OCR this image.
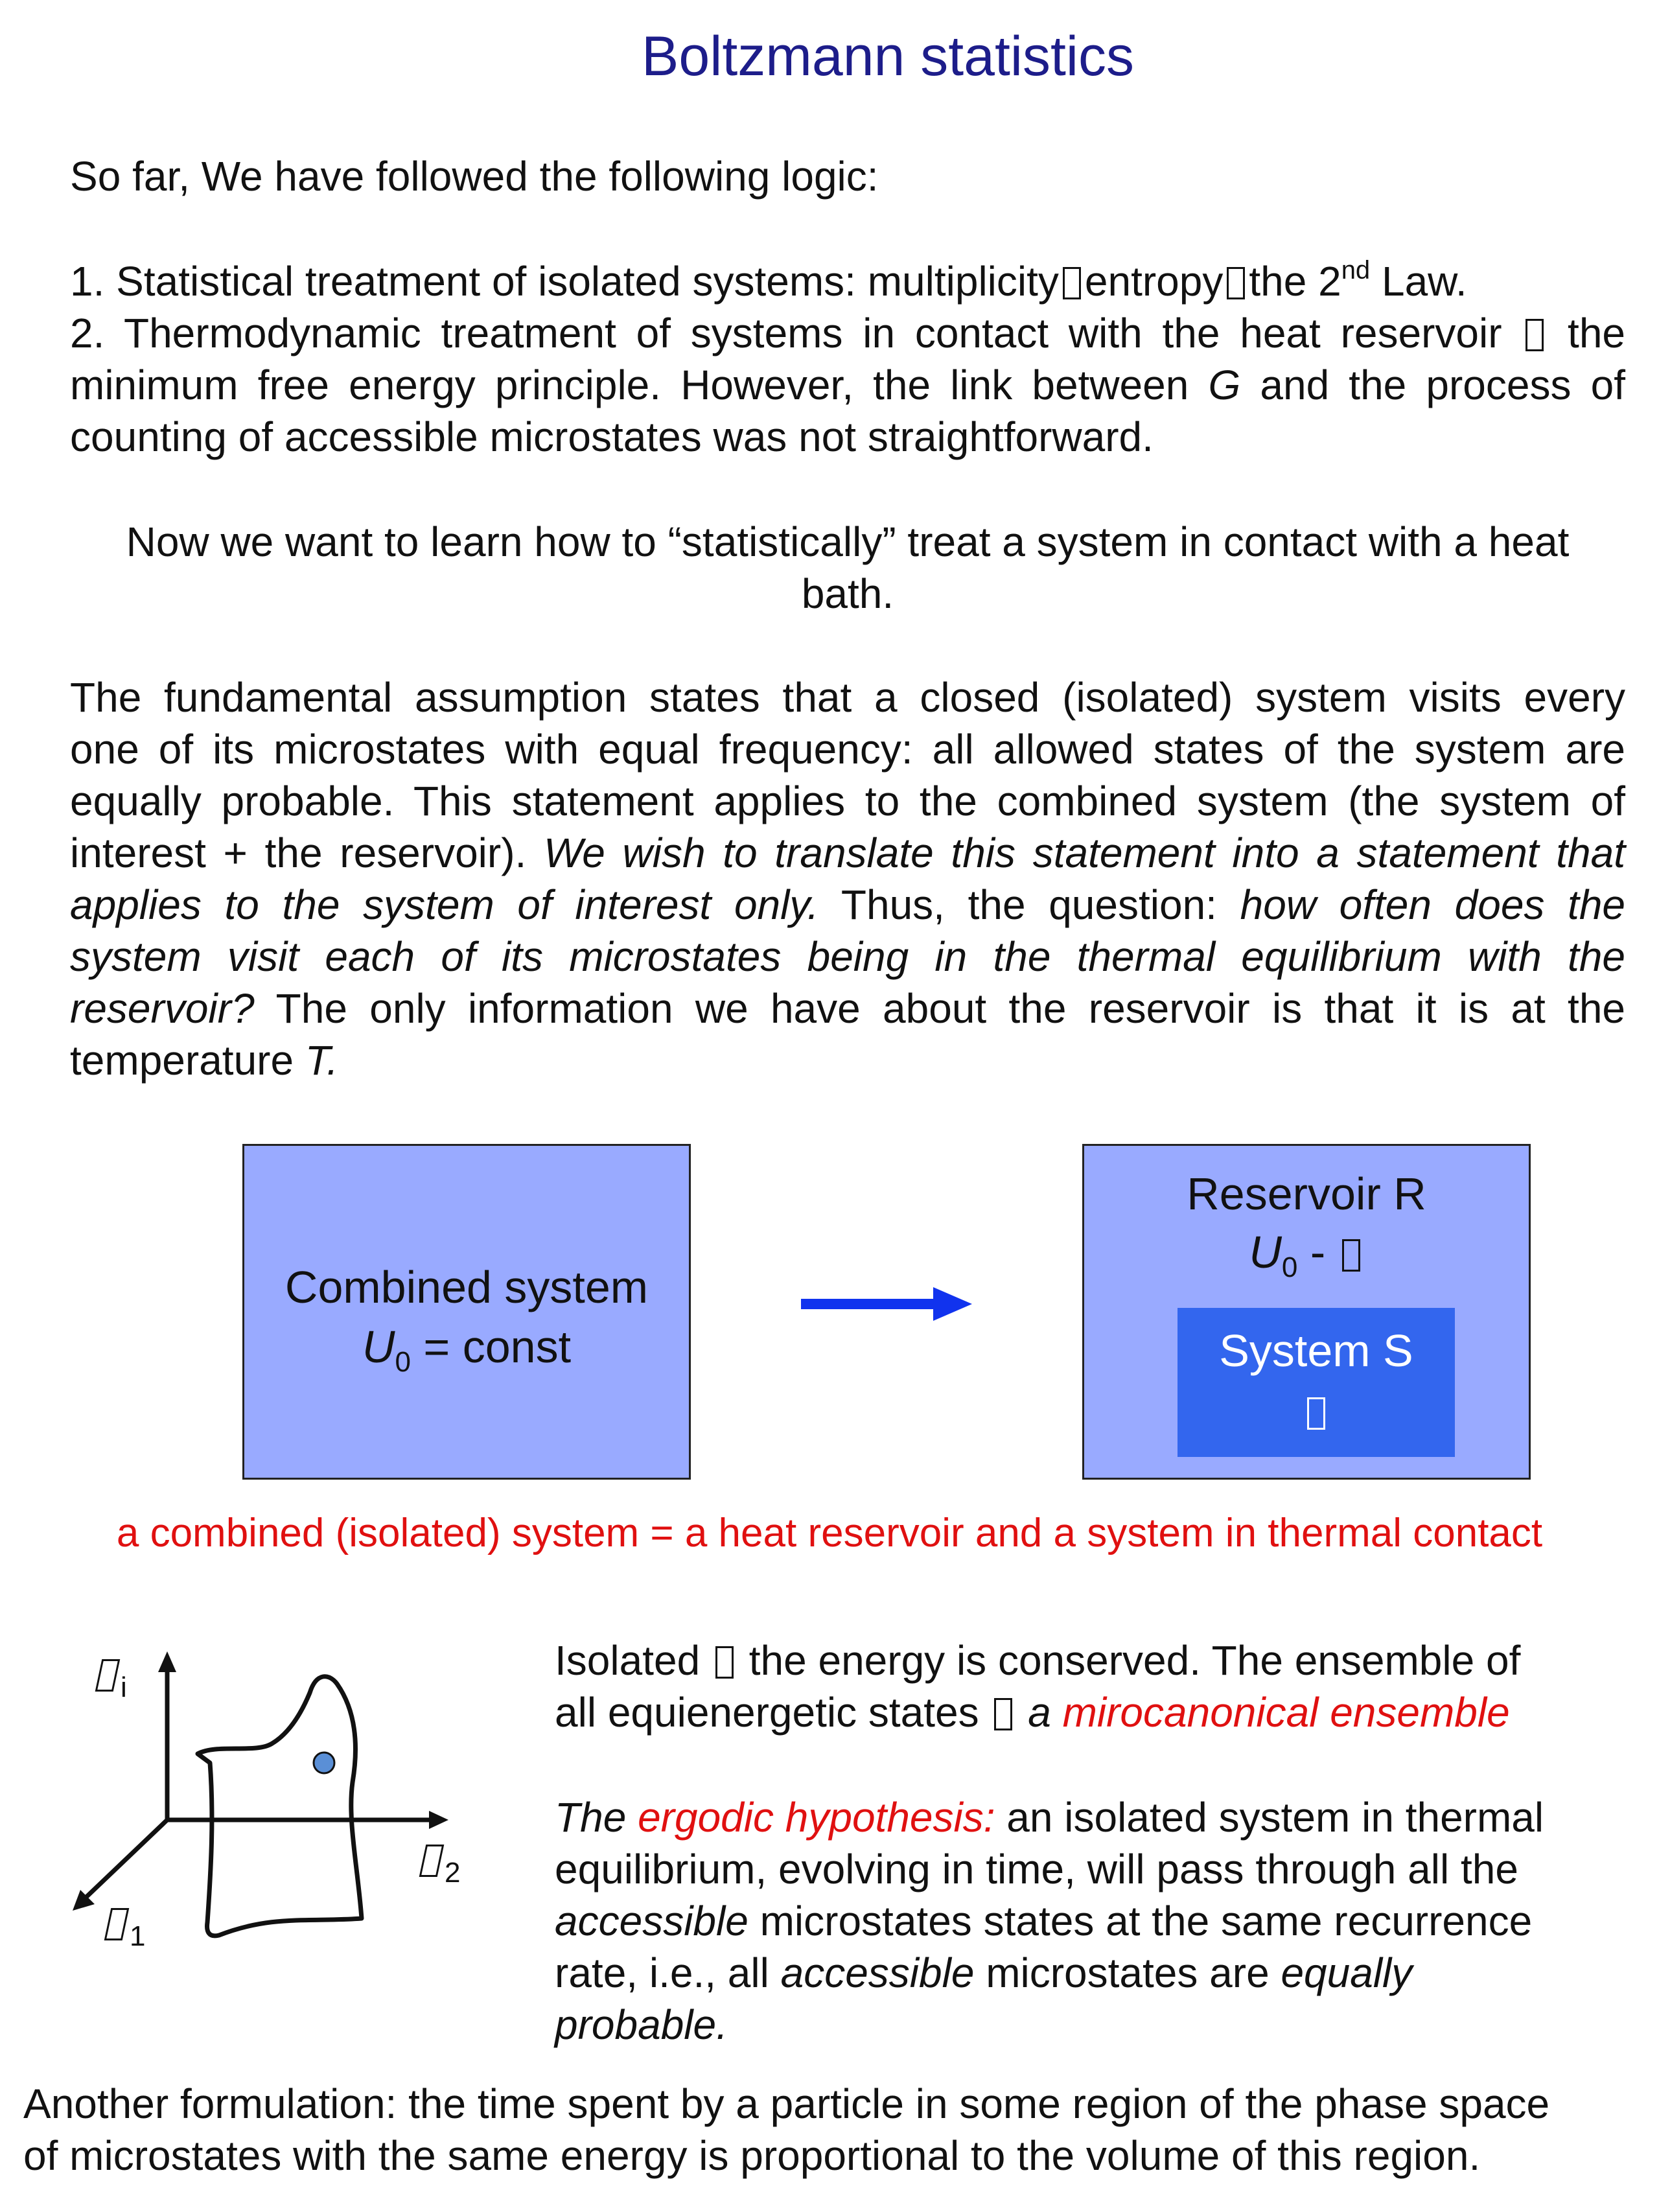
Boltzmann statistics
So far, We have followed the following logic:
1. Statistical treatment of isolated systems: multiplicity entropy the 2nd Law.
2. Thermodynamic treatment of systems in contact with the heat reservoir the
minimum free energy principle. However, the link between G and the process of
counting of accessible microstates was not straightforward.
Now we want to learn how to “statistically” treat a system in contact with a heat
bath.
The fundamental assumption states that a closed (isolated) system visits every
one of its microstates with equal frequency: all allowed states of the system are
equally probable. This statement applies to the combined system (the system of
interest + the reservoir). We wish to translate this statement into a statement that
applies to the system of interest only. Thus, the question: how often does the
system visit each of its microstates being in the thermal equilibrium with the
reservoir? The only information we have about the reservoir is that it is at the
temperature T.
Combined system
$U_0$ = const
Reservoir R
$U_0$ -
System S
a combined (isolated) system = a heat reservoir and a system in thermal contact
$_i$
$_2$
$_1$
Isolated  the energy is conserved. The ensemble of
all equienergetic states  a mirocanonical ensemble
The ergodic hypothesis: an isolated system in thermal
equilibrium, evolving in time, will pass through all the
accessible microstates states at the same recurrence
rate, i.e., all accessible microstates are equally
probable.
Another formulation: the time spent by a particle in some region of the phase space
of microstates with the same energy is proportional to the volume of this region.
